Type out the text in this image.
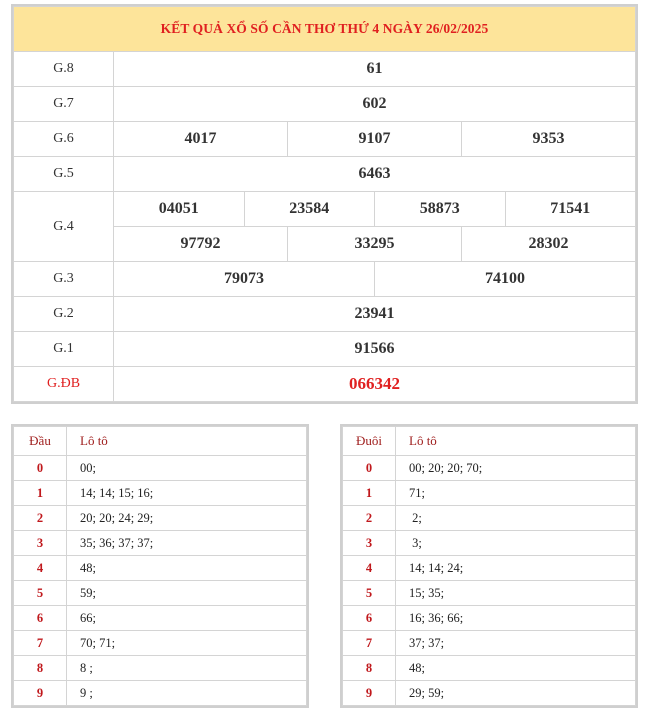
KẾT QUẢ XỔ SỐ CẦN THƠ THỨ 4 NGÀY 26/02/2025						
G.8	61					
G.7	602					
G.6	4017		9107		9353	
G.5	6463					
G.4	04051	23584		58873		71541
	97792		33295		28302	
G.3	79073			74100		
G.2	23941					
G.1	91566					
G.ĐB	066342					
Đầu	Lô tô
0	00;
1	14; 14; 15; 16;
2	20; 20; 24; 29;
3	35; 36; 37; 37;
4	48;
5	59;
6	66;
7	70; 71;
8	8 ;
9	9 ;
Đuôi	Lô tô
0	00; 20; 20; 70;
1	71;
2	2;
3	3;
4	14; 14; 24;
5	15; 35;
6	16; 36; 66;
7	37; 37;
8	48;
9	29; 59;
